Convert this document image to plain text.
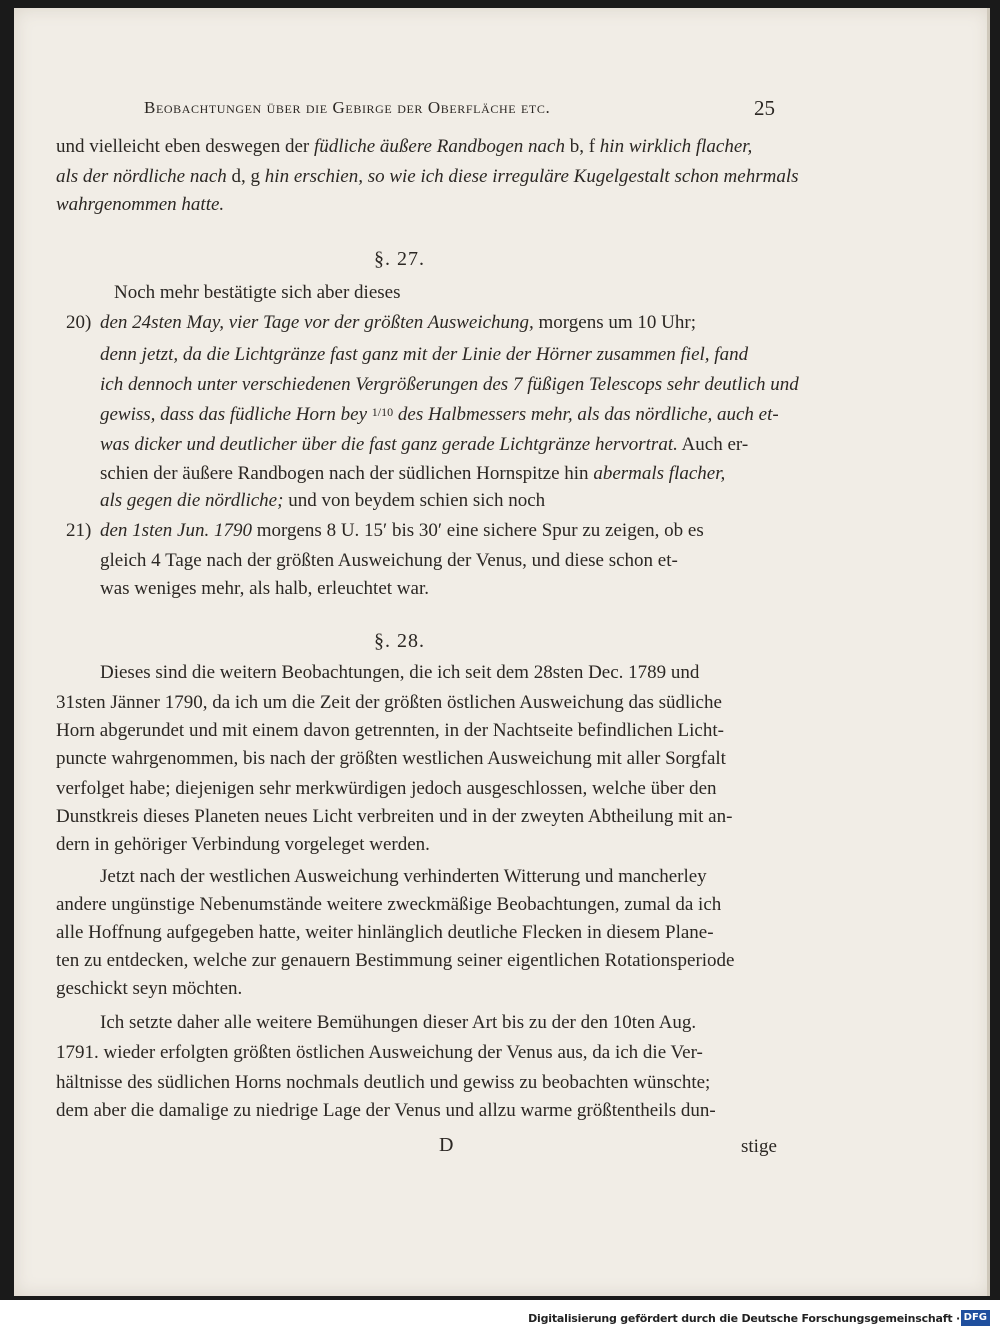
Beobachtungen über die Gebirge der Oberfläche etc.	25
und vielleicht eben deswegen der füdliche äußere Randbogen nach b, f hin wirklich flacher,
als der nördliche nach d, g hin erschien, so wie ich diese irreguläre Kugelgestalt schon mehrmals
wahrgenommen hatte.
§. 27.
Noch mehr bestätigte sich aber dieses
20) den 24sten May, vier Tage vor der größten Ausweichung, morgens um 10 Uhr;
denn jetzt, da die Lichtgränze fast ganz mit der Linie der Hörner zusammen fiel, fand
ich dennoch unter verschiedenen Vergrößerungen des 7 füßigen Telescops sehr deutlich und
gewiss, dass das füdliche Horn bey $^{1/10}$ des Halbmessers mehr, als das nördliche, auch et-
was dicker und deutlicher über die fast ganz gerade Lichtgränze hervortrat. Auch er-
schien der äußere Randbogen nach der südlichen Hornspitze hin abermals flacher,
als gegen die nördliche; und von beydem schien sich noch
21) den 1sten Jun. 1790 morgens 8 U. 15′ bis 30′ eine sichere Spur zu zeigen, ob es
gleich 4 Tage nach der größten Ausweichung der Venus, und diese schon et-
was weniges mehr, als halb, erleuchtet war.
§. 28.
Dieses sind die weitern Beobachtungen, die ich seit dem 28sten Dec. 1789 und
31sten Jänner 1790, da ich um die Zeit der größten östlichen Ausweichung das südliche
Horn abgerundet und mit einem davon getrennten, in der Nachtseite befindlichen Licht-
puncte wahrgenommen, bis nach der größten westlichen Ausweichung mit aller Sorgfalt
verfolget habe; diejenigen sehr merkwürdigen jedoch ausgeschlossen, welche über den
Dunstkreis dieses Planeten neues Licht verbreiten und in der zweyten Abtheilung mit an-
dern in gehöriger Verbindung vorgeleget werden.
Jetzt nach der westlichen Ausweichung verhinderten Witterung und mancherley
andere ungünstige Nebenumstände weitere zweckmäßige Beobachtungen, zumal da ich
alle Hoffnung aufgegeben hatte, weiter hinlänglich deutliche Flecken in diesem Plane-
ten zu entdecken, welche zur genauern Bestimmung seiner eigentlichen Rotationsperiode
geschickt seyn möchten.
Ich setzte daher alle weitere Bemühungen dieser Art bis zu der den 10ten Aug.
1791. wieder erfolgten größten östlichen Ausweichung der Venus aus, da ich die Ver-
hältnisse des südlichen Horns nochmals deutlich und gewiss zu beobachten wünschte;
dem aber die damalige zu niedrige Lage der Venus und allzu warme größtentheils dun-
D	stige
Digitalisierung gefördert durch die Deutsche Forschungsgemeinschaft · DFG
